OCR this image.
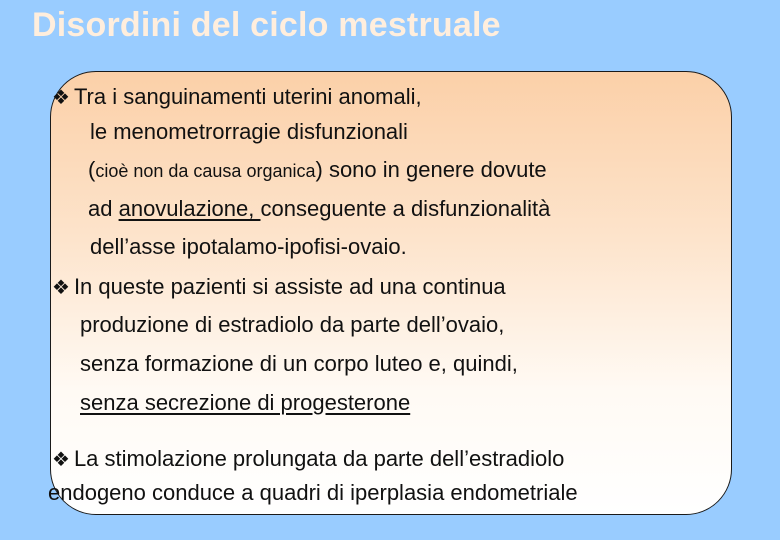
Disordini del ciclo mestruale
❖ Tra i sanguinamenti uterini anomali,
le menometrorragie disfunzionali
(cioè non da causa organica) sono in genere dovute
ad anovulazione, conseguente a disfunzionalità
dell’asse ipotalamo-ipofisi-ovaio.
❖ In queste pazienti si assiste ad una continua
produzione di estradiolo da parte dell’ovaio,
senza formazione di un corpo luteo e, quindi,
senza secrezione di progesterone
❖ La stimolazione prolungata da parte dell’estradiolo
endogeno conduce a quadri di iperplasia endometriale
